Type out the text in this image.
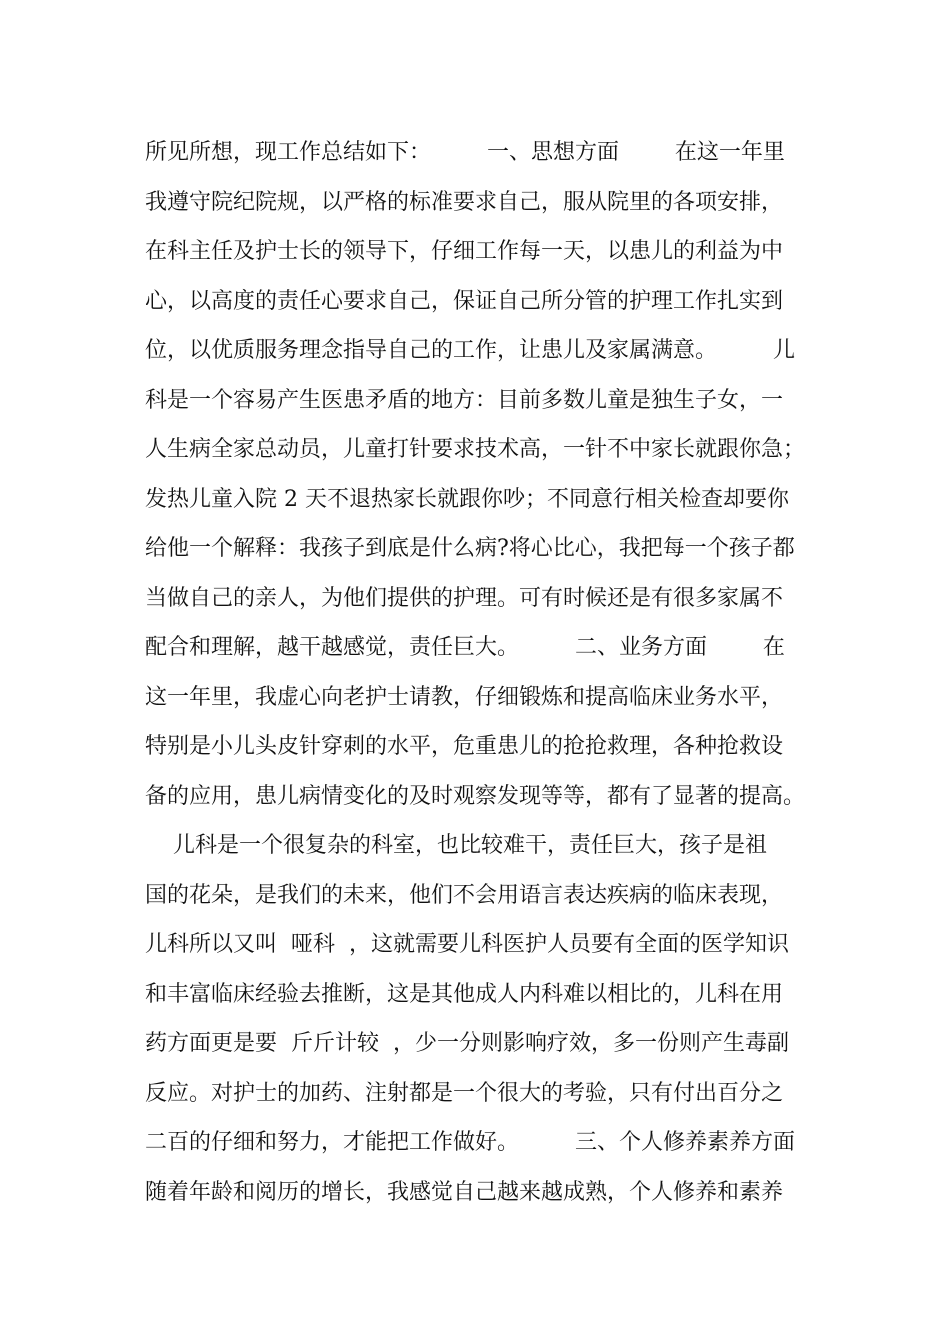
所见所想，现工作总结如下：        一、思想方面        在这一年里
我遵守院纪院规，以严格的标准要求自己，服从院里的各项安排，
在科主任及护士长的领导下，仔细工作每一天，以患儿的利益为中
心，以高度的责任心要求自己，保证自己所分管的护理工作扎实到
位，以优质服务理念指导自己的工作，让患儿及家属满意。        儿
科是一个容易产生医患矛盾的地方：目前多数儿童是独生子女，一
人生病全家总动员，儿童打针要求技术高，一针不中家长就跟你急；
发热儿童入院 2 天不退热家长就跟你吵；不同意行相关检查却要你
给他一个解释：我孩子到底是什么病?将心比心，我把每一个孩子都
当做自己的亲人，为他们提供的护理。可有时候还是有很多家属不
配合和理解，越干越感觉，责任巨大。        二、业务方面        在
这一年里，我虚心向老护士请教，仔细锻炼和提高临床业务水平，
特别是小儿头皮针穿刺的水平，危重患儿的抢抢救理，各种抢救设
备的应用，患儿病情变化的及时观察发现等等，都有了显著的提高。
儿科是一个很复杂的科室，也比较难干，责任巨大，孩子是祖
国的花朵，是我们的未来，他们不会用语言表达疾病的临床表现，
儿科所以又叫  哑科  ，这就需要儿科医护人员要有全面的医学知识
和丰富临床经验去推断，这是其他成人内科难以相比的，儿科在用
药方面更是要  斤斤计较  ，少一分则影响疗效，多一份则产生毒副
反应。对护士的加药、注射都是一个很大的考验，只有付出百分之
二百的仔细和努力，才能把工作做好。        三、个人修养素养方面
随着年龄和阅历的增长，我感觉自己越来越成熟，个人修养和素养
